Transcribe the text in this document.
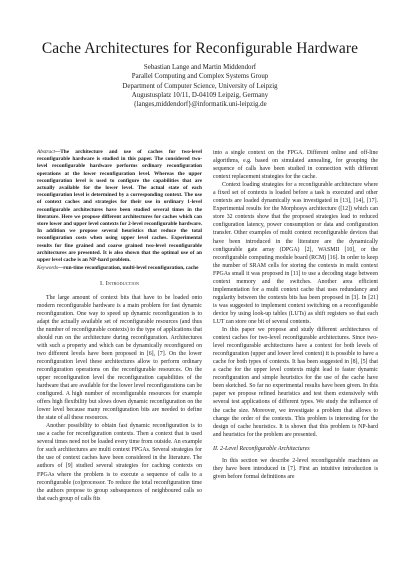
Cache Architectures for Reconfigurable Hardware
Sebastian Lange and Martin Middendorf
Parallel Computing and Complex Systems Group
Department of Computer Science, University of Leipzig
Augustusplatz 10/11, D-04109 Leipzig, Germany
{langes,middendorf}@informatik.uni-leipzig.de

Abstract—The architecture and use of caches for two-level reconfigurable hardware is studied in this paper. The considered two-level reconfigurable hardware performs ordinary reconfiguration operations at the lower reconfiguration level. Whereas the upper reconfiguration level is used to configure the capabilities that are actually available for the lower level. The actual state of each reconfiguration level is determined by a corresponding context. The use of context caches and strategies for their use in ordinary 1-level reconfigurable architectures have been studied several times in the literature. Here we propose different architectures for caches which can store lower and upper level contexts for 2-level reconfigurable hardware. In addition we propose several heuristics that reduce the total reconfiguration costs when using upper level caches. Experimental results for fine grained and coarse grained two-level reconfigurable architectures are presented. It is also shown that the optimal use of an upper level cache is an NP-hard problem.

Keywords—run-time reconfiguration, multi-level reconfiguration, cache

I. Introduction

The large amount of context bits that have to be loaded onto modern reconfigurable hardware is a main problem for fast dynamic reconfiguration. One way to speed up dynamic reconfiguration is to adapt the actually available set of reconfigurable resources (and thus the number of reconfigurable contexts) to the type of applications that should run on the architecture during reconfiguration. Architectures with such a property and which can be dynamically reconfigured on two different levels have been proposed in [6], [7]. On the lower reconfiguration level these architectures allow to perform ordinary reconfiguration operations on the reconfigurable resources. On the upper reconfiguration level the reconfiguration capabilities of the hardware that are available for the lower level reconfigurations can be configured. A high number of reconfigurable resources for example offers high flexibility but slows down dynamic reconfiguration on the lower level because many reconfiguration bits are needed to define the state of all these resources.

Another possibility to obtain fast dynamic reconfiguration is to use a cache for reconfiguration contexts. Then a context that is used several times need not be loaded every time from outside. An example for such architectures are multi context FPGAs. Several strategies for the use of context caches have been considered in the literature. The authors of [9] studied several strategies for caching contexts on FPGAs where the problem is to execute a sequence of calls to a reconfigurable (co)processor. To reduce the total reconfiguration time the authors propose to group subsequences of neighboured calls so that each group of calls fits

into a single context on the FPGA. Different online and off-line algorithms, e.g. based on simulated annealing, for grouping the sequence of calls have been studied in connection with different context replacement strategies for the cache.

Context loading strategies for a reconfigurable architecture where a fixed set of contexts is loaded before a task is executed and other contexts are loaded dynamically was investigated in [13], [14], [17]. Experimental results for the Morphosys architecture ([12]) which can store 32 contexts show that the proposed strategies lead to reduced configuration latency, power consumption or data and configuration transfer. Other examples of multi context reconfigurable devices that have been introduced in the literature are the dynamically configurable gate array (DPGA) [2], WASMII [10], or the reconfigurable computing module board (RCM) [16]. In order to keep the number of SRAM cells for storing the contexts in multi context FPGAs small it was proposed in [11] to use a decoding stage between context memory and the switches. Another area efficient implementation for a multi context cache that uses redundancy and regularity between the contexts bits has been proposed in [3]. In [21] is was suggested to implement context switching on a reconfigurable device by using look-up tables (LUTs) as shift registers so that each LUT can store one bit of several contents.

In this paper we propose and study different architectures of context caches for two-level reconfigurable architectures. Since two-level reconfigurable architectures have a context for both levels of reconfiguration (upper and lower level context) it is possible to have a cache for both types of contexts. It has been suggested in [8], [5] that a cache for the upper level contexts might lead to faster dynamic reconfiguration and simple heuristics for the use of the cache have been sketched. So far no experimental results have been given. In this paper we propose refined heuristics and test them extensively with several test applications of different types. We study the influence of the cache size. Moreover, we investigate a problem that allows to change the order of the contexts. This problem is interesting for the design of cache heuristics. It is shown that this problem is NP-hard and heuristics for the problem are presented.

II. 2-Level Reconfigurable Architectures

In this section we describe 2-level reconfigurable machines as they have been introduced in [7]. First an intuitive introduction is given before formal definitions are
